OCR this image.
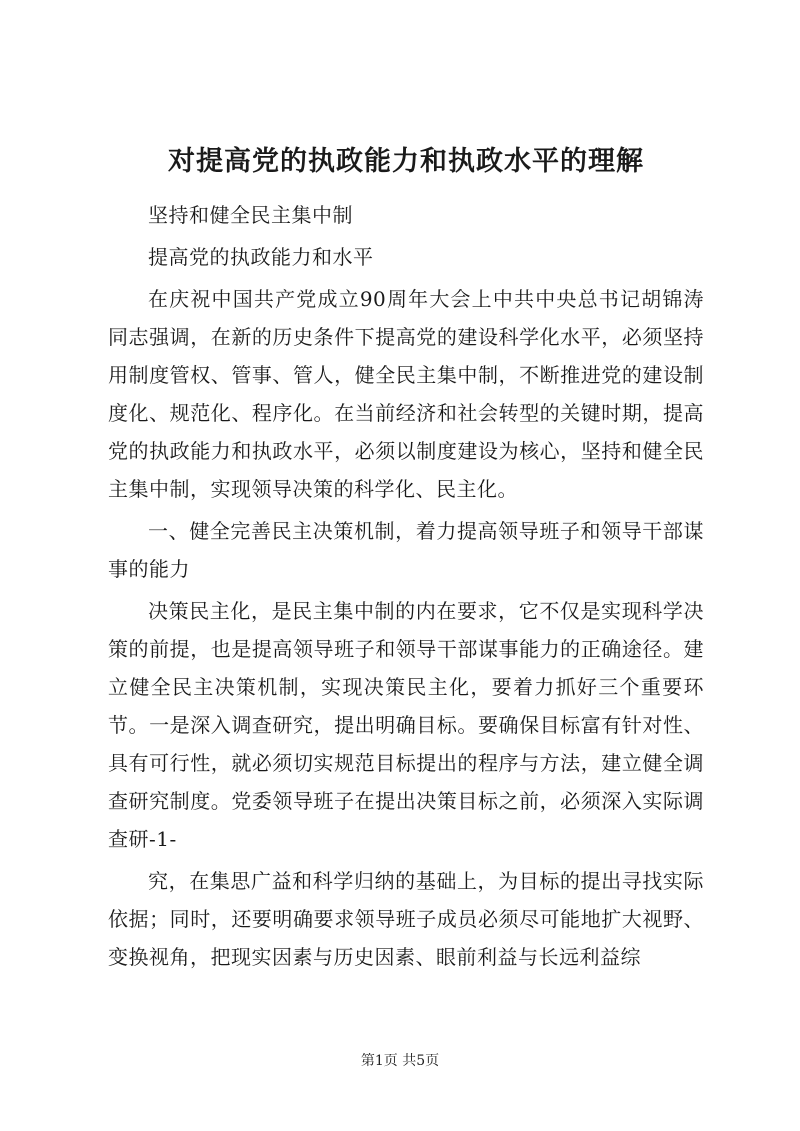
对提高党的执政能力和执政水平的理解

坚持和健全民主集中制

提高党的执政能力和水平

在庆祝中国共产党成立90周年大会上中共中央总书记胡锦涛同志强调，在新的历史条件下提高党的建设科学化水平，必须坚持用制度管权、管事、管人，健全民主集中制，不断推进党的建设制度化、规范化、程序化。在当前经济和社会转型的关键时期，提高党的执政能力和执政水平，必须以制度建设为核心，坚持和健全民主集中制，实现领导决策的科学化、民主化。

一、健全完善民主决策机制，着力提高领导班子和领导干部谋事的能力

决策民主化，是民主集中制的内在要求，它不仅是实现科学决策的前提，也是提高领导班子和领导干部谋事能力的正确途径。建立健全民主决策机制，实现决策民主化，要着力抓好三个重要环节。一是深入调查研究，提出明确目标。要确保目标富有针对性、具有可行性，就必须切实规范目标提出的程序与方法，建立健全调查研究制度。党委领导班子在提出决策目标之前，必须深入实际调查研-1-

究，在集思广益和科学归纳的基础上，为目标的提出寻找实际依据；同时，还要明确要求领导班子成员必须尽可能地扩大视野、变换视角，把现实因素与历史因素、眼前利益与长远利益综

第1页 共5页
